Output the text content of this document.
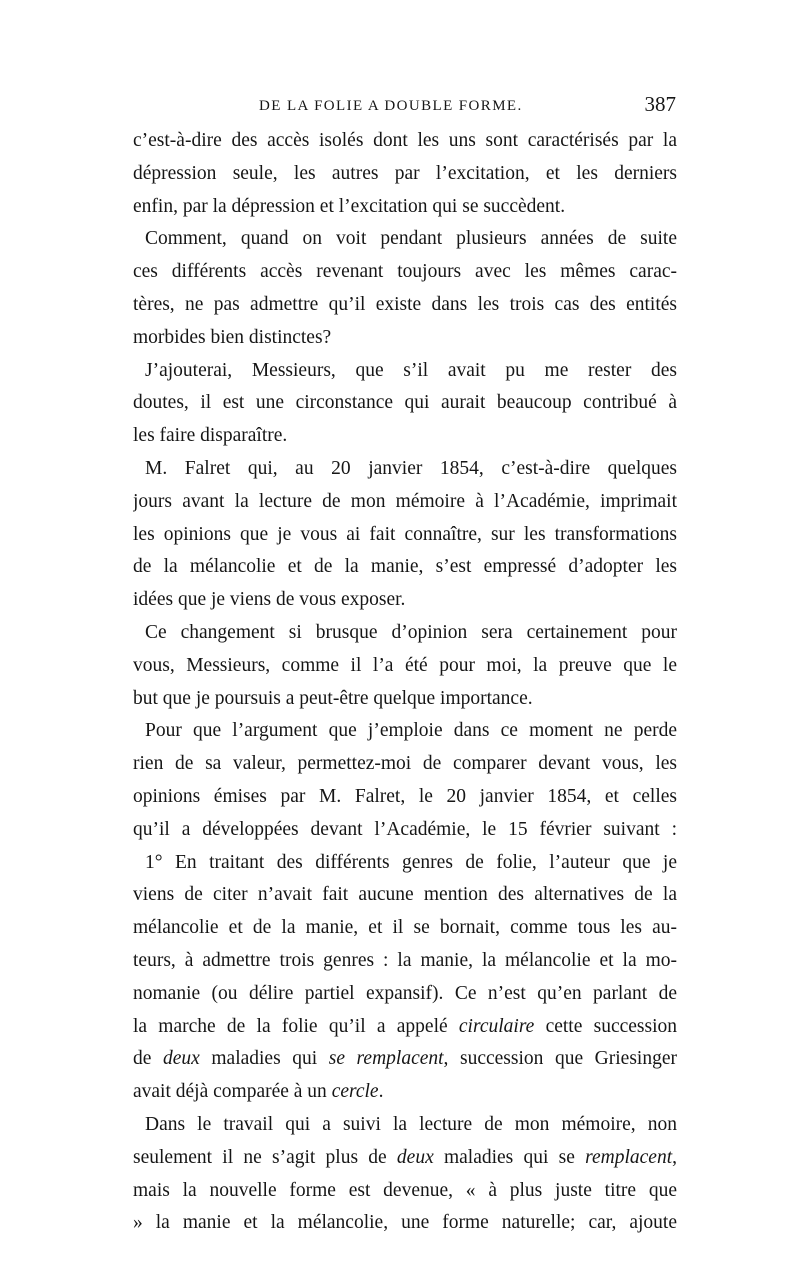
DE LA FOLIE A DOUBLE FORME.	387
c’est-à-dire des accès isolés dont les uns sont caractérisés par la
dépression seule, les autres par l’excitation, et les derniers
enfin, par la dépression et l’excitation qui se succèdent.
Comment, quand on voit pendant plusieurs années de suite
ces différents accès revenant toujours avec les mêmes carac-
tères, ne pas admettre qu’il existe dans les trois cas des entités
morbides bien distinctes?
J’ajouterai, Messieurs, que s’il avait pu me rester des
doutes, il est une circonstance qui aurait beaucoup contribué à
les faire disparaître.
M. Falret qui, au 20 janvier 1854, c’est-à-dire quelques
jours avant la lecture de mon mémoire à l’Académie, imprimait
les opinions que je vous ai fait connaître, sur les transformations
de la mélancolie et de la manie, s’est empressé d’adopter les
idées que je viens de vous exposer.
Ce changement si brusque d’opinion sera certainement pour
vous, Messieurs, comme il l’a été pour moi, la preuve que le
but que je poursuis a peut-être quelque importance.
Pour que l’argument que j’emploie dans ce moment ne perde
rien de sa valeur, permettez-moi de comparer devant vous, les
opinions émises par M. Falret, le 20 janvier 1854, et celles
qu’il a développées devant l’Académie, le 15 février suivant :
1° En traitant des différents genres de folie, l’auteur que je
viens de citer n’avait fait aucune mention des alternatives de la
mélancolie et de la manie, et il se bornait, comme tous les au-
teurs, à admettre trois genres : la manie, la mélancolie et la mo-
nomanie (ou délire partiel expansif). Ce n’est qu’en parlant de
la marche de la folie qu’il a appelé circulaire cette succession
de deux maladies qui se remplacent, succession que Griesinger
avait déjà comparée à un cercle.
Dans le travail qui a suivi la lecture de mon mémoire, non
seulement il ne s’agit plus de deux maladies qui se remplacent,
mais la nouvelle forme est devenue, « à plus juste titre que
» la manie et la mélancolie, une forme naturelle; car, ajoute
